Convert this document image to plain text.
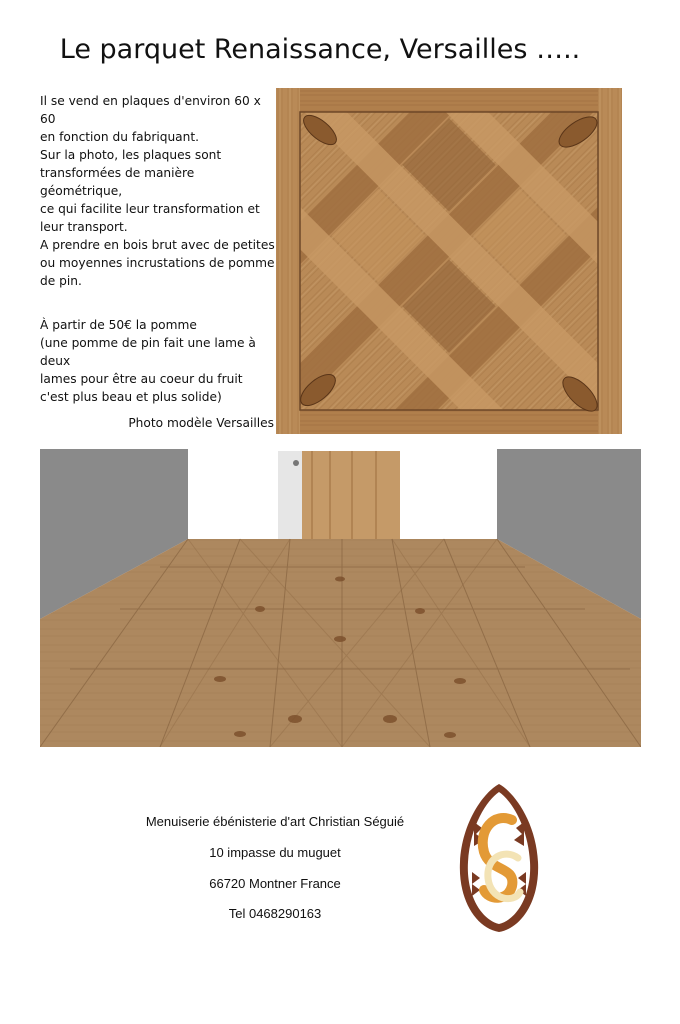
Le parquet Renaissance, Versailles …..

Il se vend en plaques d'environ 60 x 60
en fonction du fabriquant.

Sur la photo, les plaques sont
transformées de manière géométrique,
ce qui facilite leur transformation et
leur transport.

A prendre en bois brut avec de petites
ou moyennes incrustations de pomme
de pin.

À partir de 50€ la pomme
(une pomme de pin fait une lame à deux
lames pour être au coeur du fruit
c'est plus beau et plus solide)

Photo modèle Versailles
Menuiserie ébénisterie d'art Christian Séguié
10 impasse du muguet
66720 Montner France
Tel 0468290163
